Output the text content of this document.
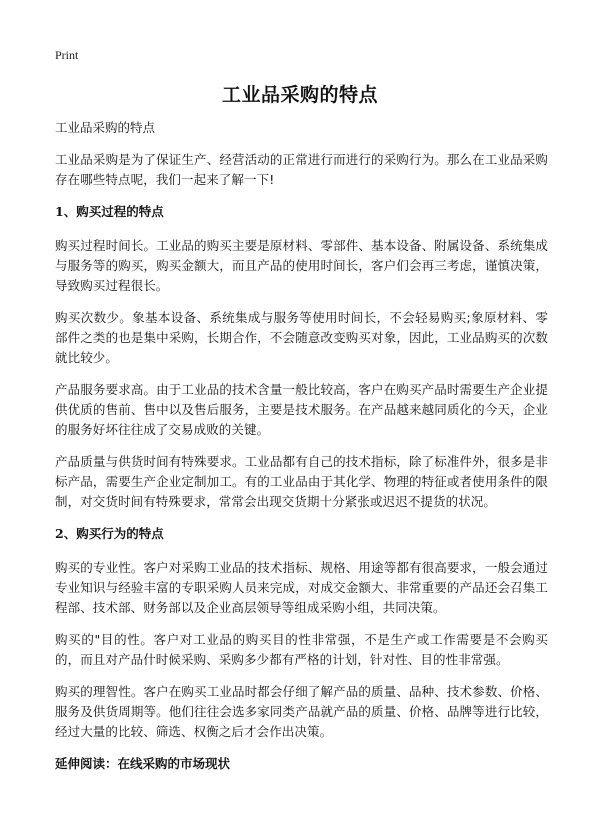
Print
工业品采购的特点

工业品采购的特点

工业品采购是为了保证生产、经营活动的正常进行而进行的采购行为。那么在工业品采购存在哪些特点呢，我们一起来了解一下!

1、购买过程的特点

购买过程时间长。工业品的购买主要是原材料、零部件、基本设备、附属设备、系统集成与服务等的购买，购买金额大，而且产品的使用时间长，客户们会再三考虑，谨慎决策，导致购买过程很长。

购买次数少。象基本设备、系统集成与服务等使用时间长，不会轻易购买;象原材料、零部件之类的也是集中采购，长期合作，不会随意改变购买对象，因此，工业品购买的次数就比较少。

产品服务要求高。由于工业品的技术含量一般比较高，客户在购买产品时需要生产企业提供优质的售前、售中以及售后服务，主要是技术服务。在产品越来越同质化的今天，企业的服务好坏往往成了交易成败的关键。

产品质量与供货时间有特殊要求。工业品都有自己的技术指标，除了标准件外，很多是非标产品，需要生产企业定制加工。有的工业品由于其化学、物理的特征或者使用条件的限制，对交货时间有特殊要求，常常会出现交货期十分紧张或迟迟不提货的状况。

2、购买行为的特点

购买的专业性。客户对采购工业品的技术指标、规格、用途等都有很高要求，一般会通过专业知识与经验丰富的专职采购人员来完成，对成交金额大、非常重要的产品还会召集工程部、技术部、财务部以及企业高层领导等组成采购小组，共同决策。

购买的"目的性。客户对工业品的购买目的性非常强，不是生产或工作需要是不会购买的，而且对产品什时候采购、采购多少都有严格的计划，针对性、目的性非常强。

购买的理智性。客户在购买工业品时都会仔细了解产品的质量、品种、技术参数、价格、服务及供货周期等。他们往往会选多家同类产品就产品的质量、价格、品牌等进行比较，经过大量的比较、筛选、权衡之后才会作出决策。

延伸阅读：在线采购的市场现状
